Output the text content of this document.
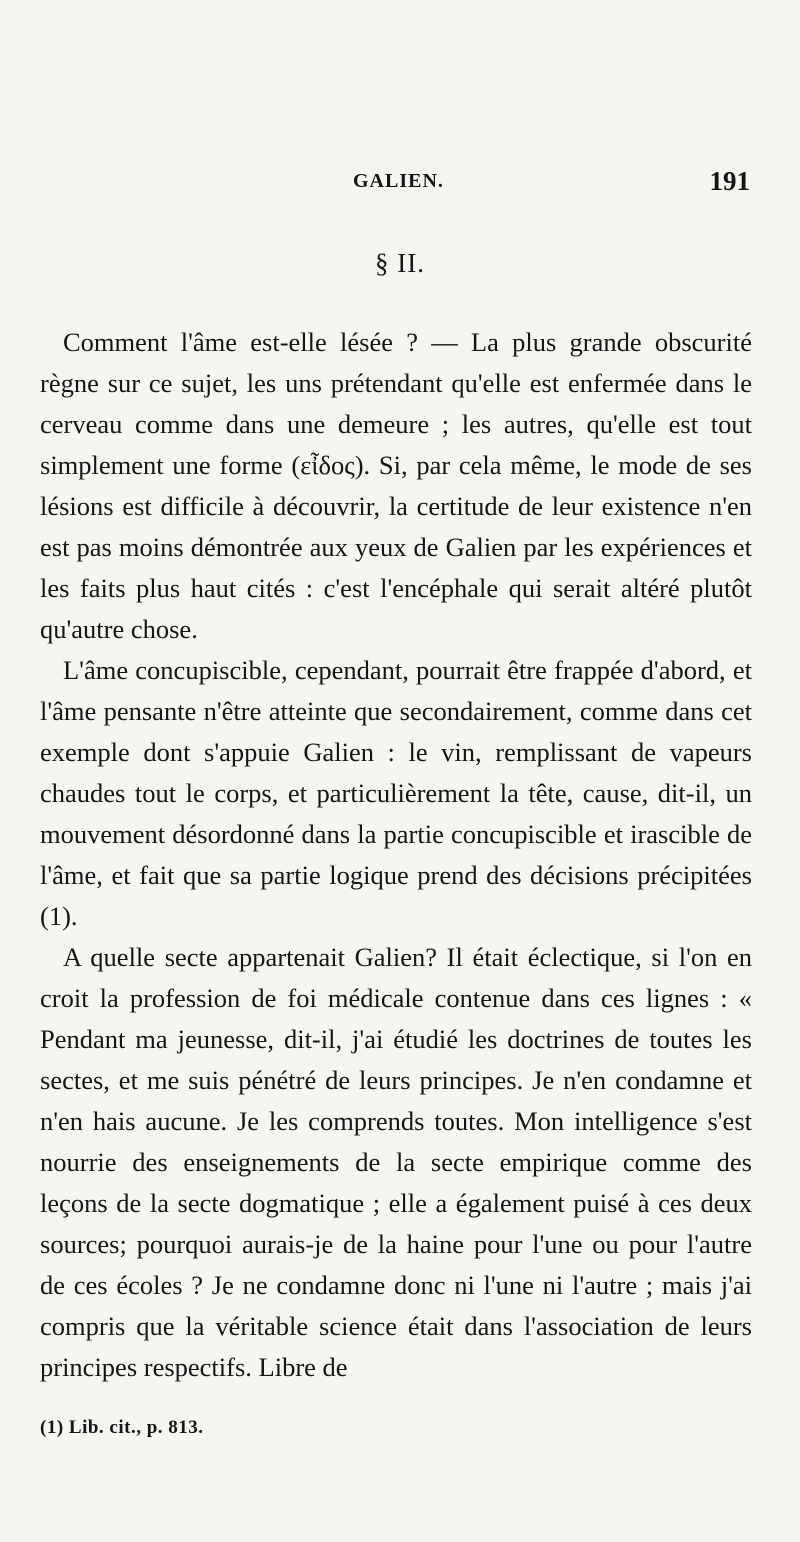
GALIEN.	191
§ II.

Comment l'âme est-elle lésée ? — La plus grande obscurité règne sur ce sujet, les uns prétendant qu'elle est enfermée dans le cerveau comme dans une demeure ; les autres, qu'elle est tout simplement une forme (εἶδος). Si, par cela même, le mode de ses lésions est difficile à découvrir, la certitude de leur existence n'en est pas moins démontrée aux yeux de Galien par les expériences et les faits plus haut cités : c'est l'encéphale qui serait altéré plutôt qu'autre chose.

L'âme concupiscible, cependant, pourrait être frappée d'abord, et l'âme pensante n'être atteinte que secondairement, comme dans cet exemple dont s'appuie Galien : le vin, remplissant de vapeurs chaudes tout le corps, et particulièrement la tête, cause, dit-il, un mouvement désordonné dans la partie concupiscible et irascible de l'âme, et fait que sa partie logique prend des décisions précipitées (1).

A quelle secte appartenait Galien? Il était éclectique, si l'on en croit la profession de foi médicale contenue dans ces lignes : « Pendant ma jeunesse, dit-il, j'ai étudié les doctrines de toutes les sectes, et me suis pénétré de leurs principes. Je n'en condamne et n'en hais aucune. Je les comprends toutes. Mon intelligence s'est nourrie des enseignements de la secte empirique comme des leçons de la secte dogmatique ; elle a également puisé à ces deux sources; pourquoi aurais-je de la haine pour l'une ou pour l'autre de ces écoles ? Je ne condamne donc ni l'une ni l'autre ; mais j'ai compris que la véritable science était dans l'association de leurs principes respectifs. Libre de

(1) Lib. cit., p. 813.
